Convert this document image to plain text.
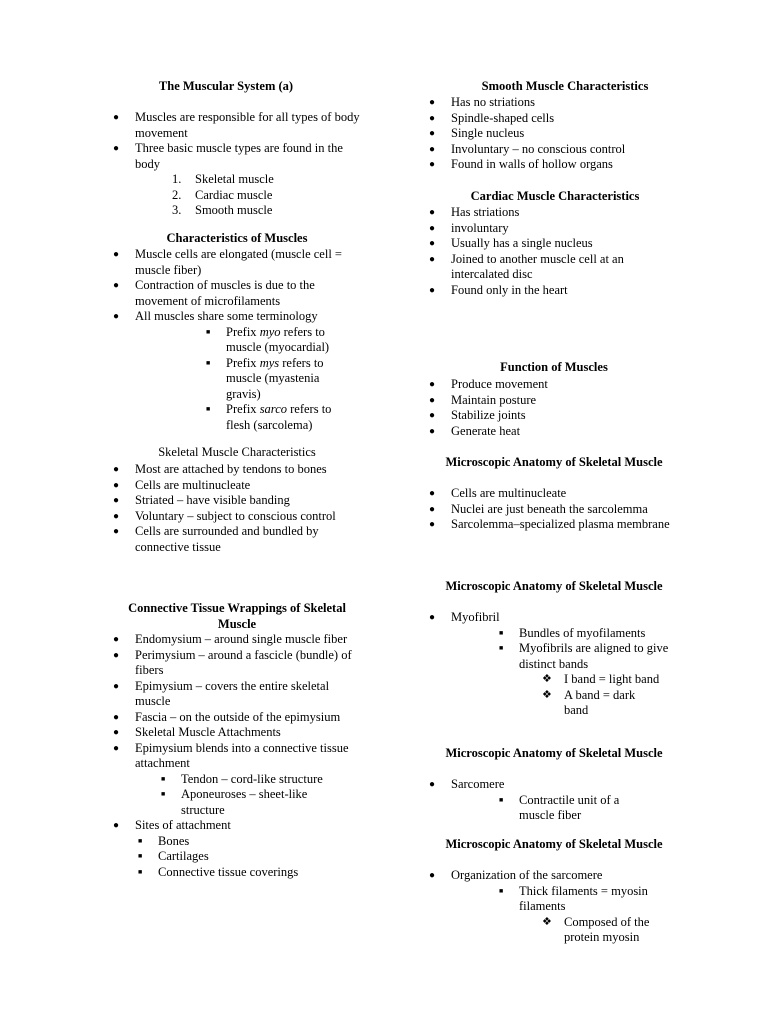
The Muscular System (a)
● Muscles are responsible for all types of body movement
● Three basic muscle types are found in the body
1. Skeletal muscle
2. Cardiac muscle
3. Smooth muscle
Characteristics of Muscles
● Muscle cells are elongated (muscle cell = muscle fiber)
● Contraction of muscles is due to the movement of microfilaments
● All muscles share some terminology
■ Prefix myo refers to muscle (myocardial)
■ Prefix mys refers to muscle (myastenia gravis)
■ Prefix sarco refers to flesh (sarcolema)
Skeletal Muscle Characteristics
● Most are attached by tendons to bones
● Cells are multinucleate
● Striated – have visible banding
● Voluntary – subject to conscious control
● Cells are surrounded and bundled by connective tissue
Connective Tissue Wrappings of Skeletal Muscle
● Endomysium – around single muscle fiber
● Perimysium – around a fascicle (bundle) of fibers
● Epimysium – covers the entire skeletal muscle
● Fascia – on the outside of the epimysium
● Skeletal Muscle Attachments
● Epimysium blends into a connective tissue attachment
■ Tendon – cord-like structure
■ Aponeuroses – sheet-like structure
● Sites of attachment
■ Bones
■ Cartilages
■ Connective tissue coverings
Smooth Muscle Characteristics
● Has no striations
● Spindle-shaped cells
● Single nucleus
● Involuntary – no conscious control
● Found in walls of hollow organs
Cardiac Muscle Characteristics
● Has striations
● involuntary
● Usually has a single nucleus
● Joined to another muscle cell at an intercalated disc
● Found only in the heart
Function of Muscles
● Produce movement
● Maintain posture
● Stabilize joints
● Generate heat
Microscopic Anatomy of Skeletal Muscle
● Cells are multinucleate
● Nuclei are just beneath the sarcolemma
● Sarcolemma–specialized plasma membrane
Microscopic Anatomy of Skeletal Muscle
● Myofibril
■ Bundles of myofilaments
■ Myofibrils are aligned to give distinct bands
❖ I band = light band
❖ A band = dark band
Microscopic Anatomy of Skeletal Muscle
● Sarcomere
■ Contractile unit of a muscle fiber
Microscopic Anatomy of Skeletal Muscle
● Organization of the sarcomere
■ Thick filaments = myosin filaments
❖ Composed of the protein myosin
